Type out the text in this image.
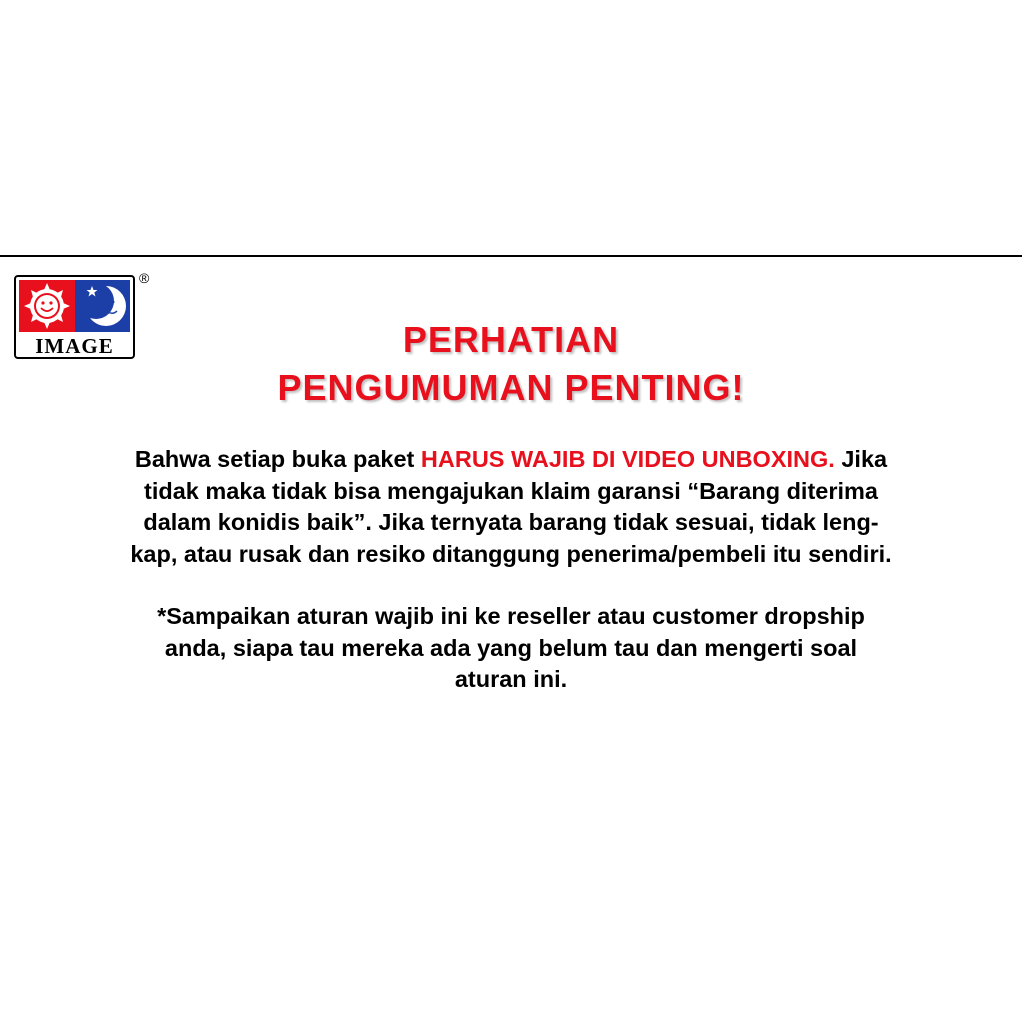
IMAGE
®
PERHATIAN
PENGUMUMAN PENTING!
Bahwa setiap buka paket HARUS WAJIB DI VIDEO UNBOXING. Jika
tidak maka tidak bisa mengajukan klaim garansi “Barang diterima
dalam konidis baik”. Jika ternyata barang tidak sesuai, tidak leng-
kap, atau rusak dan resiko ditanggung penerima/pembeli itu sendiri.
*Sampaikan aturan wajib ini ke reseller atau customer dropship
anda, siapa tau mereka ada yang belum tau dan mengerti soal
aturan ini.
